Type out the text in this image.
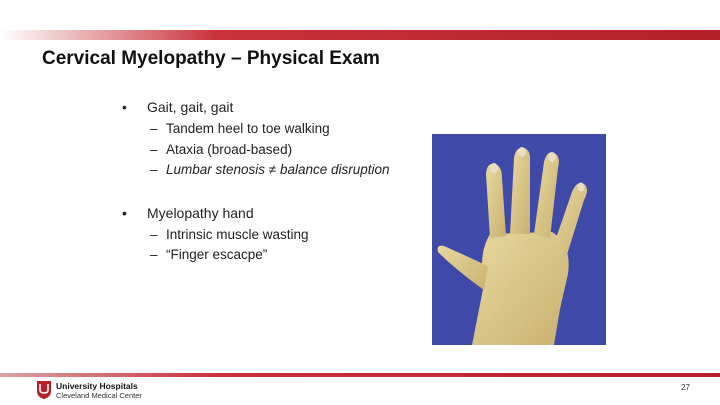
Cervical Myelopathy – Physical Exam
• Gait, gait, gait
– Tandem heel to toe walking
– Ataxia (broad-based)
– Lumbar stenosis ≠ balance disruption
• Myelopathy hand
– Intrinsic muscle wasting
– “Finger escacpe”
University Hospitals
Cleveland Medical Center
27
